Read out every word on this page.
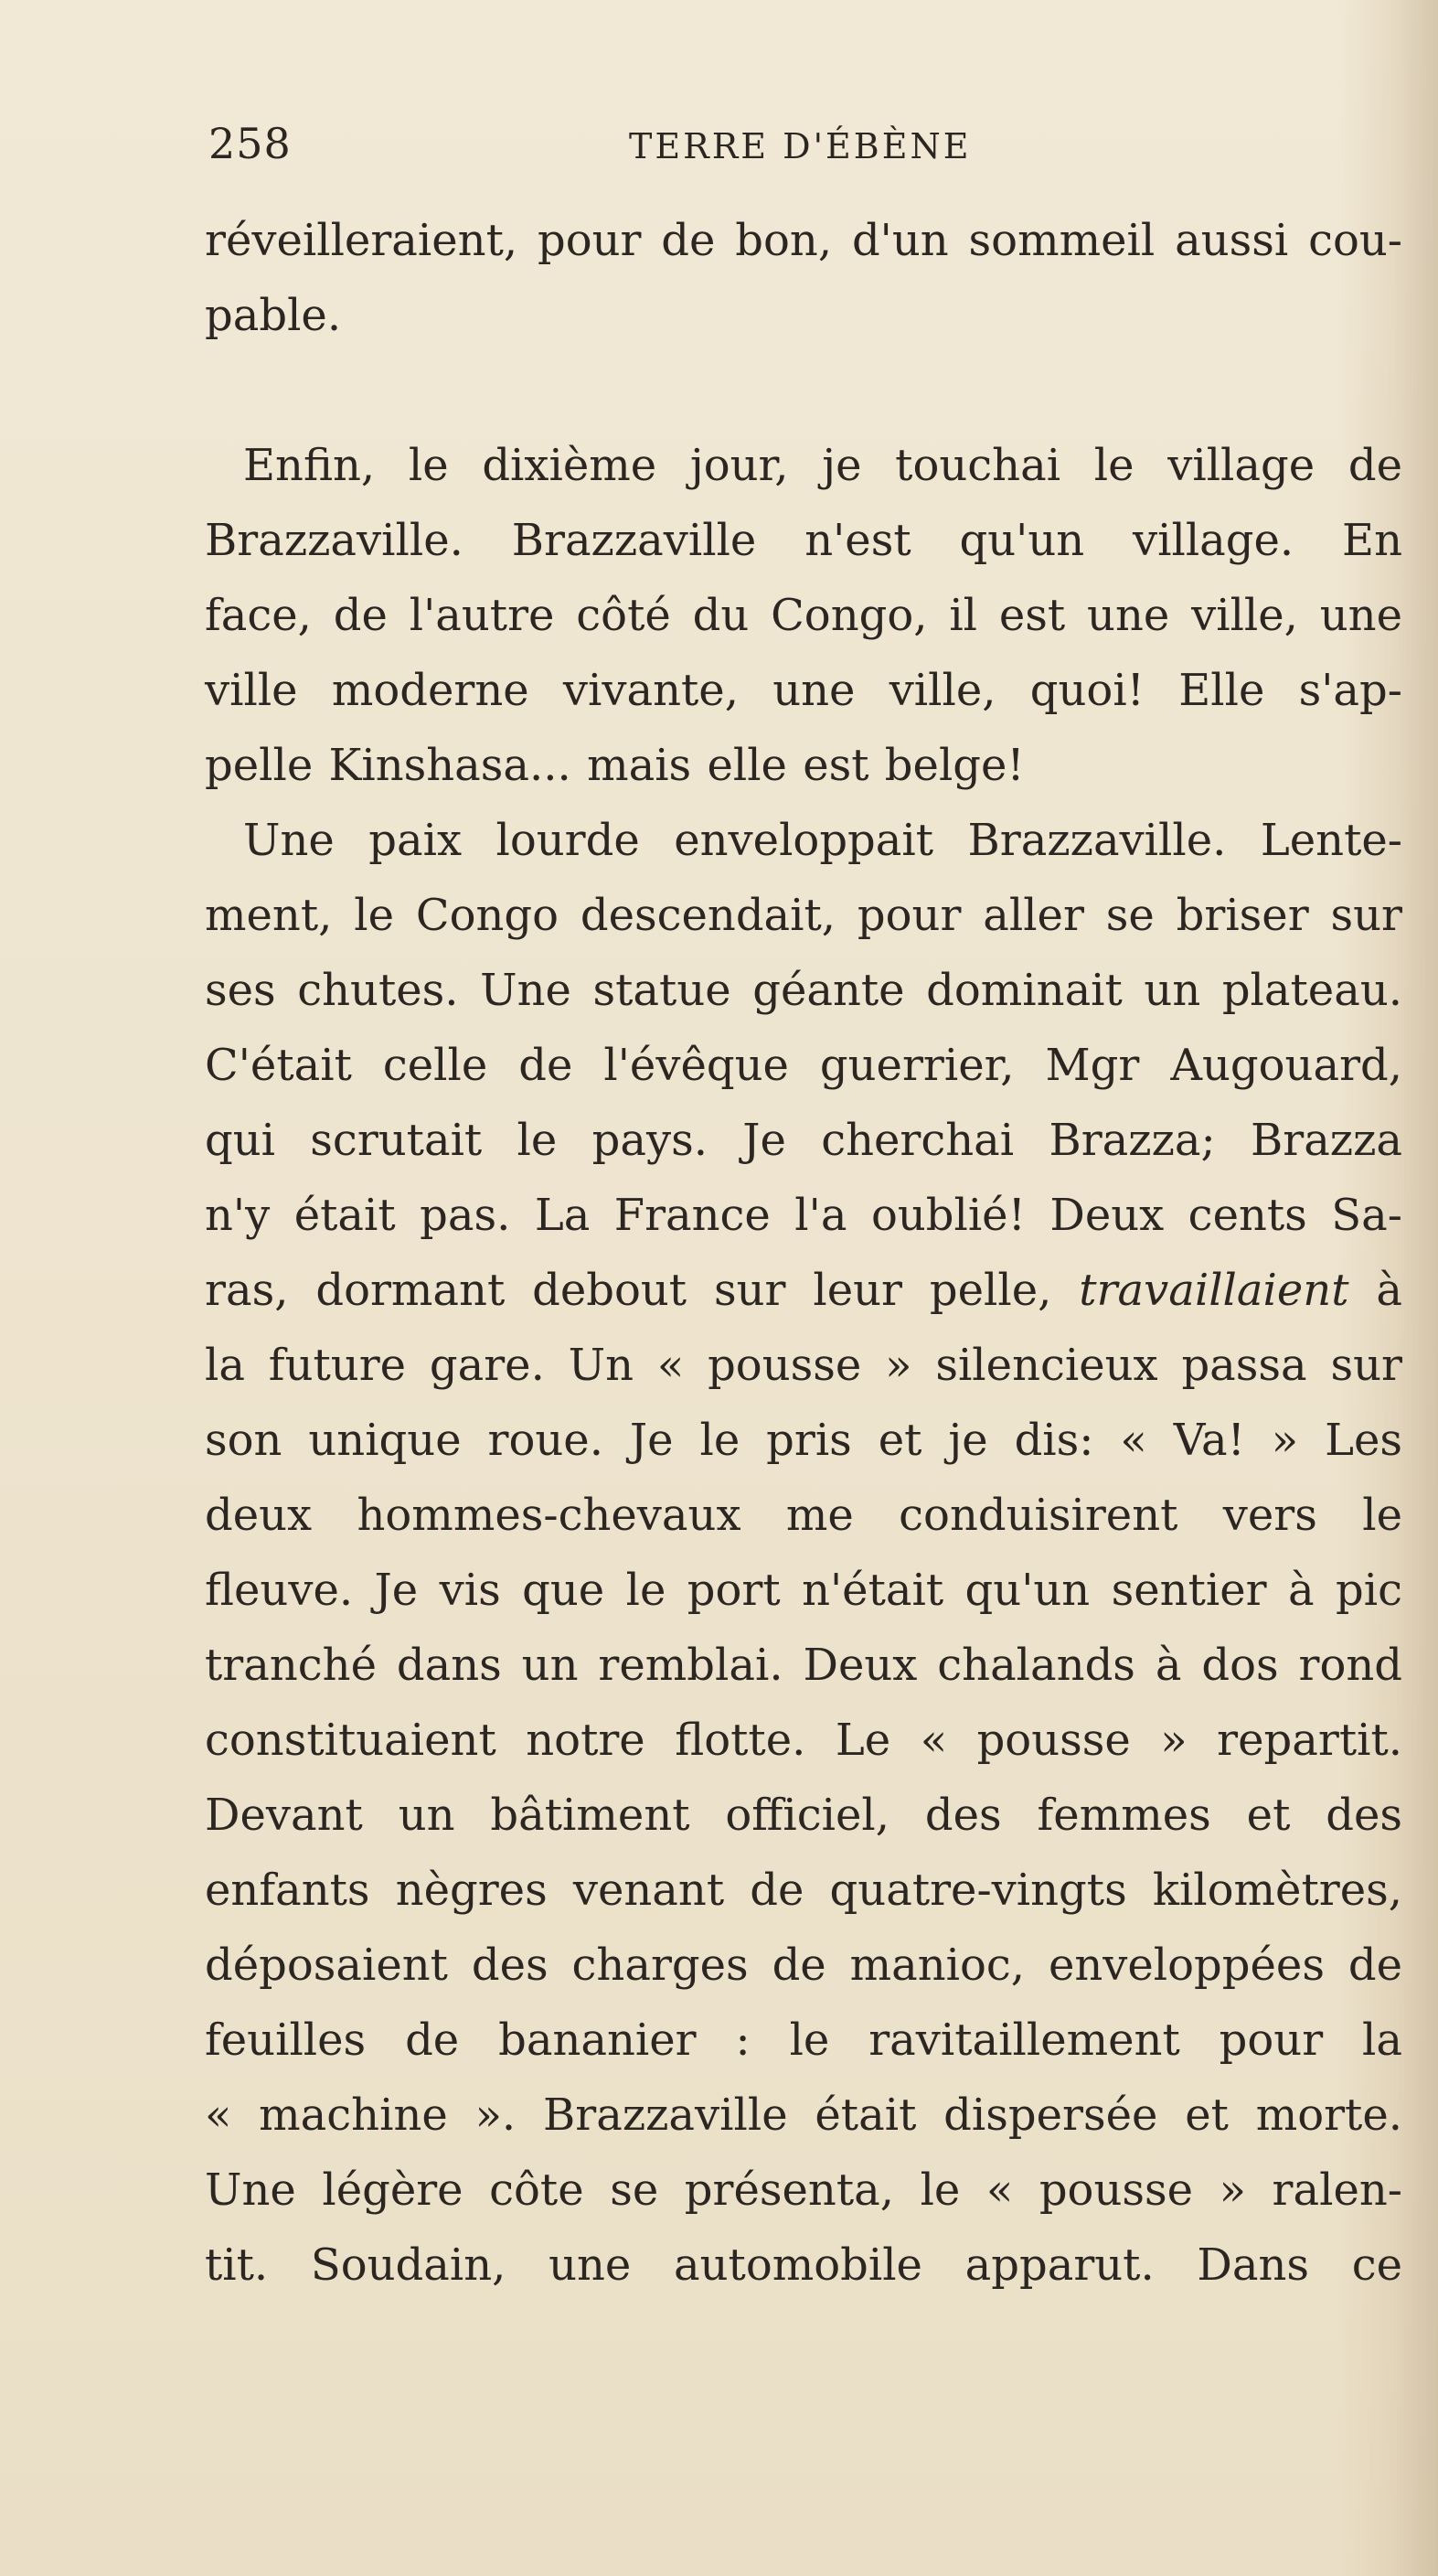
258	TERRE D'ÉBÈNE
réveilleraient, pour de bon, d'un sommeil aussi cou-
pable.
Enfin, le dixième jour, je touchai le village de
Brazzaville. Brazzaville n'est qu'un village. En
face, de l'autre côté du Congo, il est une ville, une
ville moderne vivante, une ville, quoi! Elle s'ap-
pelle Kinshasa... mais elle est belge!
Une paix lourde enveloppait Brazzaville. Lente-
ment, le Congo descendait, pour aller se briser sur
ses chutes. Une statue géante dominait un plateau.
C'était celle de l'évêque guerrier, Mgr Augouard,
qui scrutait le pays. Je cherchai Brazza; Brazza
n'y était pas. La France l'a oublié! Deux cents Sa-
ras, dormant debout sur leur pelle, travaillaient à
la future gare. Un « pousse » silencieux passa sur
son unique roue. Je le pris et je dis: « Va! » Les
deux hommes-chevaux me conduisirent vers le
fleuve. Je vis que le port n'était qu'un sentier à pic
tranché dans un remblai. Deux chalands à dos rond
constituaient notre flotte. Le « pousse » repartit.
Devant un bâtiment officiel, des femmes et des
enfants nègres venant de quatre-vingts kilomètres,
déposaient des charges de manioc, enveloppées de
feuilles de bananier : le ravitaillement pour la
« machine ». Brazzaville était dispersée et morte.
Une légère côte se présenta, le « pousse » ralen-
tit. Soudain, une automobile apparut. Dans ce
